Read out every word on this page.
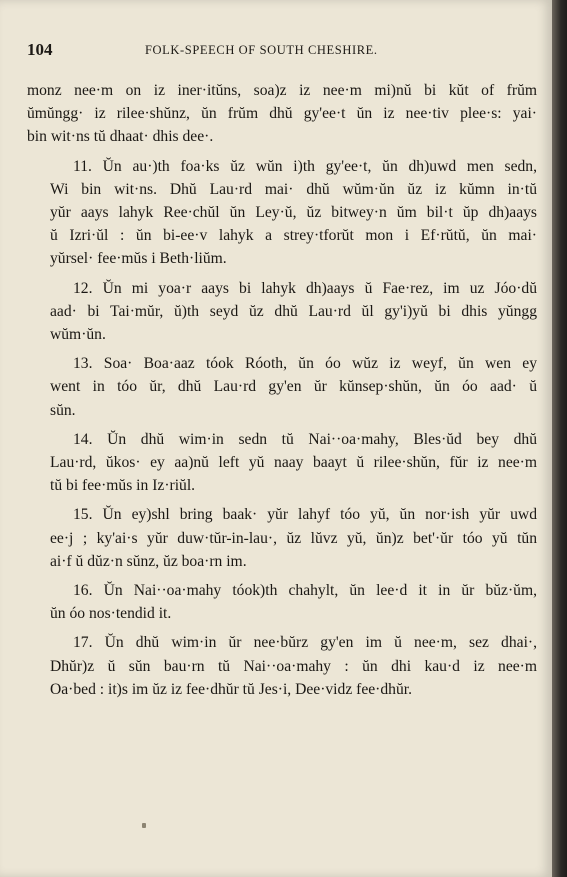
104	FOLK-SPEECH OF SOUTH CHESHIRE.
monz nee·m on iz iner·itŭns, soa)z iz nee·m mi)nŭ bi kŭt of frŭm
ŭmŭngg· iz rilee·shŭnz, ŭn frŭm dhŭ gy'ee·t ŭn iz nee·tiv plee·s: yai·
bin wit·ns tŭ dhaat· dhis dee·.
11. Ŭn au·)th foa·ks ŭz wŭn i)th gy'ee·t, ŭn dh)uwd men sedn,
Wi bin wit·ns. Dhŭ Lau·rd mai· dhŭ wŭm·ŭn ŭz iz kŭmn in·tŭ
yŭr aays lahyk Ree·chŭl ŭn Ley·ŭ, ŭz bitwey·n ŭm bil·t ŭp dh)aays
ŭ Izri·ŭl : ŭn bi-ee·v lahyk a strey·tforŭt mon i Ef·rŭtŭ, ŭn mai·
yŭrsel· fee·mŭs i Beth·liŭm.
12. Ŭn mi yoa·r aays bi lahyk dh)aays ŭ Fae·rez, im uz Jóo·dŭ
aad· bi Tai·mŭr, ŭ)th seyd ŭz dhŭ Lau·rd ŭl gy'i)yŭ bi dhis yŭngg
wŭm·ŭn.
13. Soa· Boa·aaz tóok Róoth, ŭn óo wŭz iz weyf, ŭn wen ey
went in tóo ŭr, dhŭ Lau·rd gy'en ŭr kŭnsep·shŭn, ŭn óo aad· ŭ
sŭn.
14. Ŭn dhŭ wim·in sedn tŭ Nai··oa·mahy, Bles·ŭd bey dhŭ
Lau·rd, ŭkos· ey aa)nŭ left yŭ naay baayt ŭ rilee·shŭn, fŭr iz nee·m
tŭ bi fee·mŭs in Iz·riŭl.
15. Ŭn ey)shl bring baak· yŭr lahyf tóo yŭ, ŭn nor·ish yŭr uwd
ee·j ; ky'ai·s yŭr duw·tŭr-in-lau·, ŭz lŭvz yŭ, ŭn)z bet'·ŭr tóo yŭ tŭn
ai·f ŭ dŭz·n sŭnz, ŭz boa·rn im.
16. Ŭn Nai··oa·mahy tóok)th chahylt, ŭn lee·d it in ŭr bŭz·ŭm,
ŭn óo nos·tendid it.
17. Ŭn dhŭ wim·in ŭr nee·bŭrz gy'en im ŭ nee·m, sez dhai·,
Dhŭr)z ŭ sŭn bau·rn tŭ Nai··oa·mahy : ŭn dhi kau·d iz nee·m
Oa·bed : it)s im ŭz iz fee·dhŭr tŭ Jes·i, Dee·vidz fee·dhŭr.
